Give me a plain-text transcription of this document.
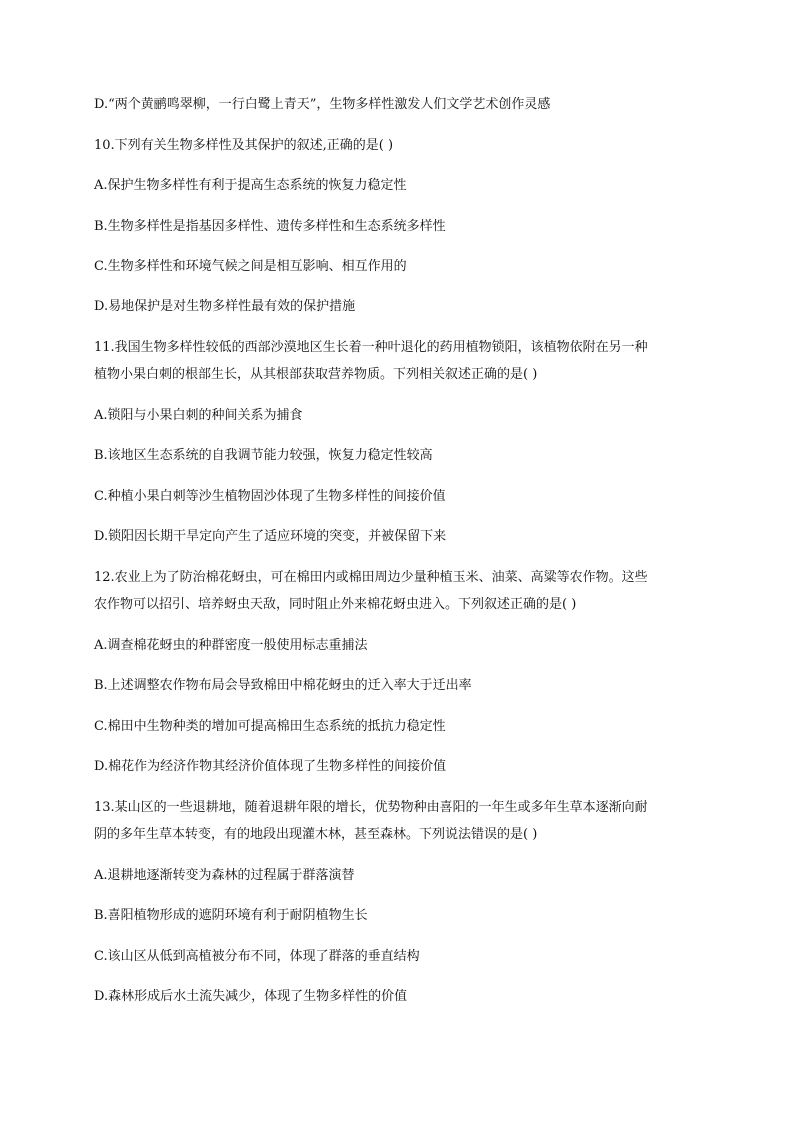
D.“两个黄鹂鸣翠柳，一行白鹭上青天”，生物多样性激发人们文学艺术创作灵感
10.下列有关生物多样性及其保护的叙述,正确的是( )
A.保护生物多样性有利于提高生态系统的恢复力稳定性
B.生物多样性是指基因多样性、遗传多样性和生态系统多样性
C.生物多样性和环境气候之间是相互影响、相互作用的
D.易地保护是对生物多样性最有效的保护措施
11.我国生物多样性较低的西部沙漠地区生长着一种叶退化的药用植物锁阳，该植物依附在另一种
植物小果白刺的根部生长，从其根部获取营养物质。下列相关叙述正确的是( )
A.锁阳与小果白刺的种间关系为捕食
B.该地区生态系统的自我调节能力较强，恢复力稳定性较高
C.种植小果白刺等沙生植物固沙体现了生物多样性的间接价值
D.锁阳因长期干旱定向产生了适应环境的突变，并被保留下来
12.农业上为了防治棉花蚜虫，可在棉田内或棉田周边少量种植玉米、油菜、高粱等农作物。这些
农作物可以招引、培养蚜虫天敌，同时阻止外来棉花蚜虫进入。下列叙述正确的是( )
A.调查棉花蚜虫的种群密度一般使用标志重捕法
B.上述调整农作物布局会导致棉田中棉花蚜虫的迁入率大于迁出率
C.棉田中生物种类的增加可提高棉田生态系统的抵抗力稳定性
D.棉花作为经济作物其经济价值体现了生物多样性的间接价值
13.某山区的一些退耕地，随着退耕年限的增长，优势物种由喜阳的一年生或多年生草本逐渐向耐
阴的多年生草本转变，有的地段出现灌木林，甚至森林。下列说法错误的是( )
A.退耕地逐渐转变为森林的过程属于群落演替
B.喜阳植物形成的遮阴环境有利于耐阴植物生长
C.该山区从低到高植被分布不同，体现了群落的垂直结构
D.森林形成后水土流失减少，体现了生物多样性的价值
